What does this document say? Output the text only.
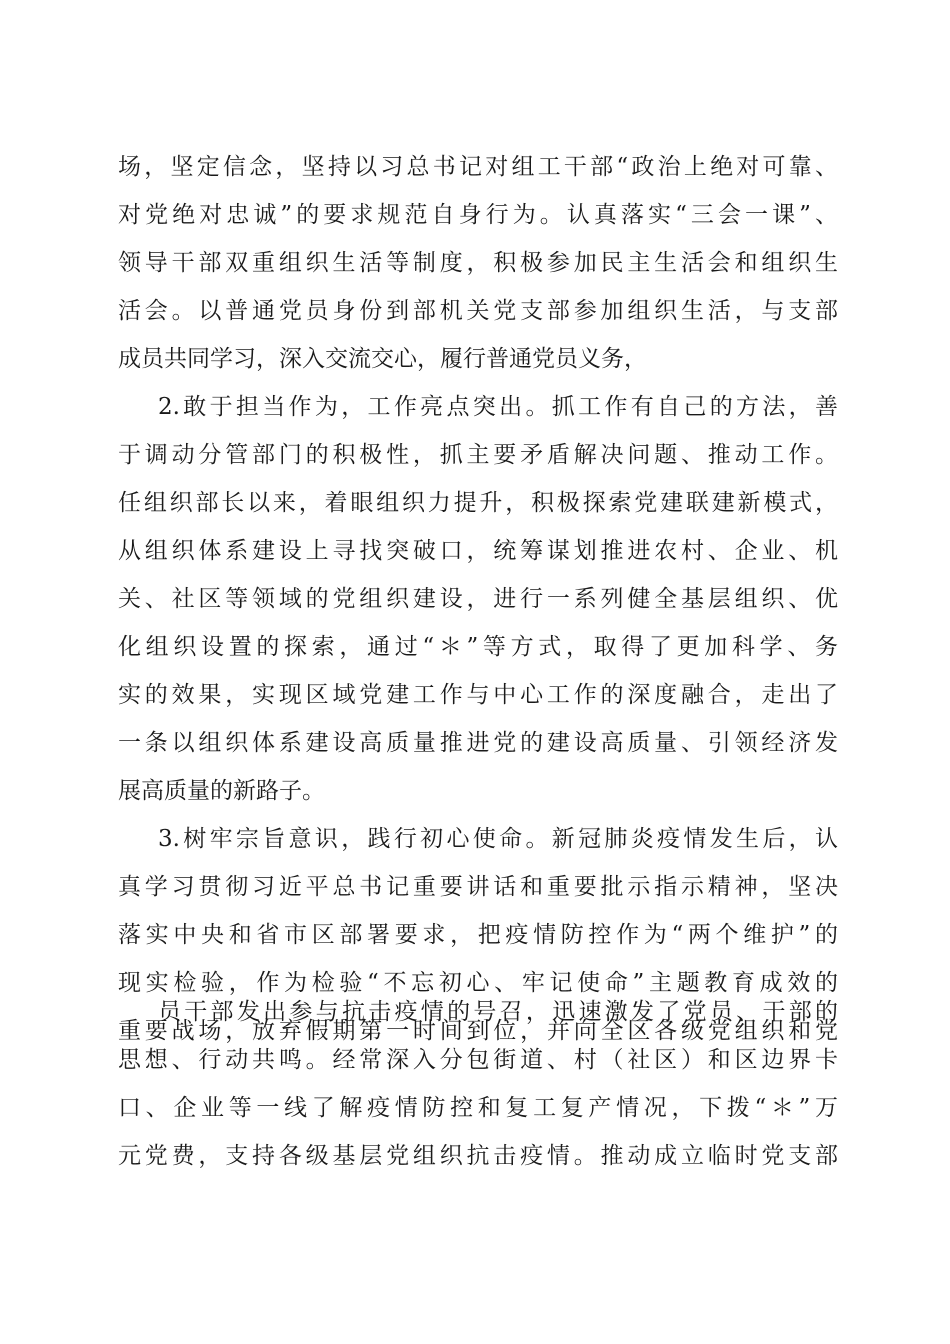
场，坚定信念，坚持以习总书记对组工干部“政治上绝对可靠、
对党绝对忠诚”的要求规范自身行为。认真落实“三会一课”、
领导干部双重组织生活等制度，积极参加民主生活会和组织生
活会。以普通党员身份到部机关党支部参加组织生活，与支部
成员共同学习，深入交流交心，履行普通党员义务，
2.敢于担当作为，工作亮点突出。抓工作有自己的方法，善
于调动分管部门的积极性，抓主要矛盾解决问题、推动工作。
任组织部长以来，着眼组织力提升，积极探索党建联建新模式，
从组织体系建设上寻找突破口，统筹谋划推进农村、企业、机
关、社区等领域的党组织建设，进行一系列健全基层组织、优
化组织设置的探索，通过“＊”等方式，取得了更加科学、务
实的效果，实现区域党建工作与中心工作的深度融合，走出了
一条以组织体系建设高质量推进党的建设高质量、引领经济发
展高质量的新路子。
3.树牢宗旨意识，践行初心使命。新冠肺炎疫情发生后，认
真学习贯彻习近平总书记重要讲话和重要批示指示精神，坚决
落实中央和省市区部署要求，把疫情防控作为“两个维护”的
现实检验，作为检验“不忘初心、牢记使命”主题教育成效的
重要战场，放弃假期第一时间到位，并向全区各级党组织和党
员干部发出参与抗击疫情的号召，迅速激发了党员、干部的
思想、行动共鸣。经常深入分包街道、村（社区）和区边界卡
口、企业等一线了解疫情防控和复工复产情况，下拨“＊”万
元党费，支持各级基层党组织抗击疫情。推动成立临时党支部
